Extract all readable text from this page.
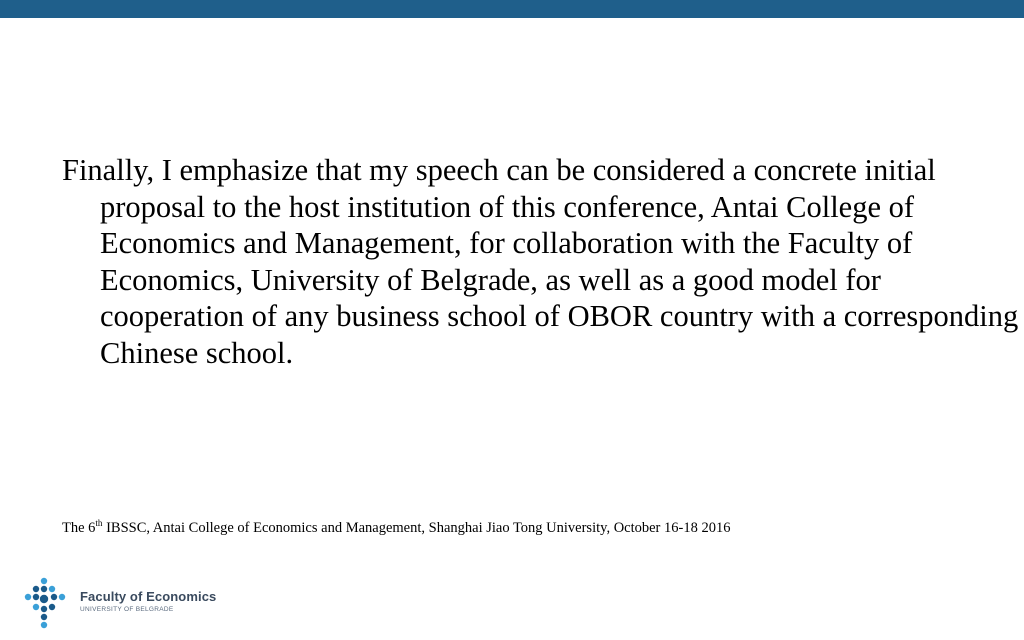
Finally, I emphasize that my speech can be considered a concrete initial proposal to the host institution of this conference, Antai College of Economics and Management, for collaboration with the Faculty of Economics, University of Belgrade, as well as a good model for cooperation of any business school of OBOR country with a corresponding Chinese school.

The 6th IBSSC, Antai College of Economics and Management, Shanghai Jiao Tong University, October 16-18 2016
Faculty of Economics
UNIVERSITY OF BELGRADE
